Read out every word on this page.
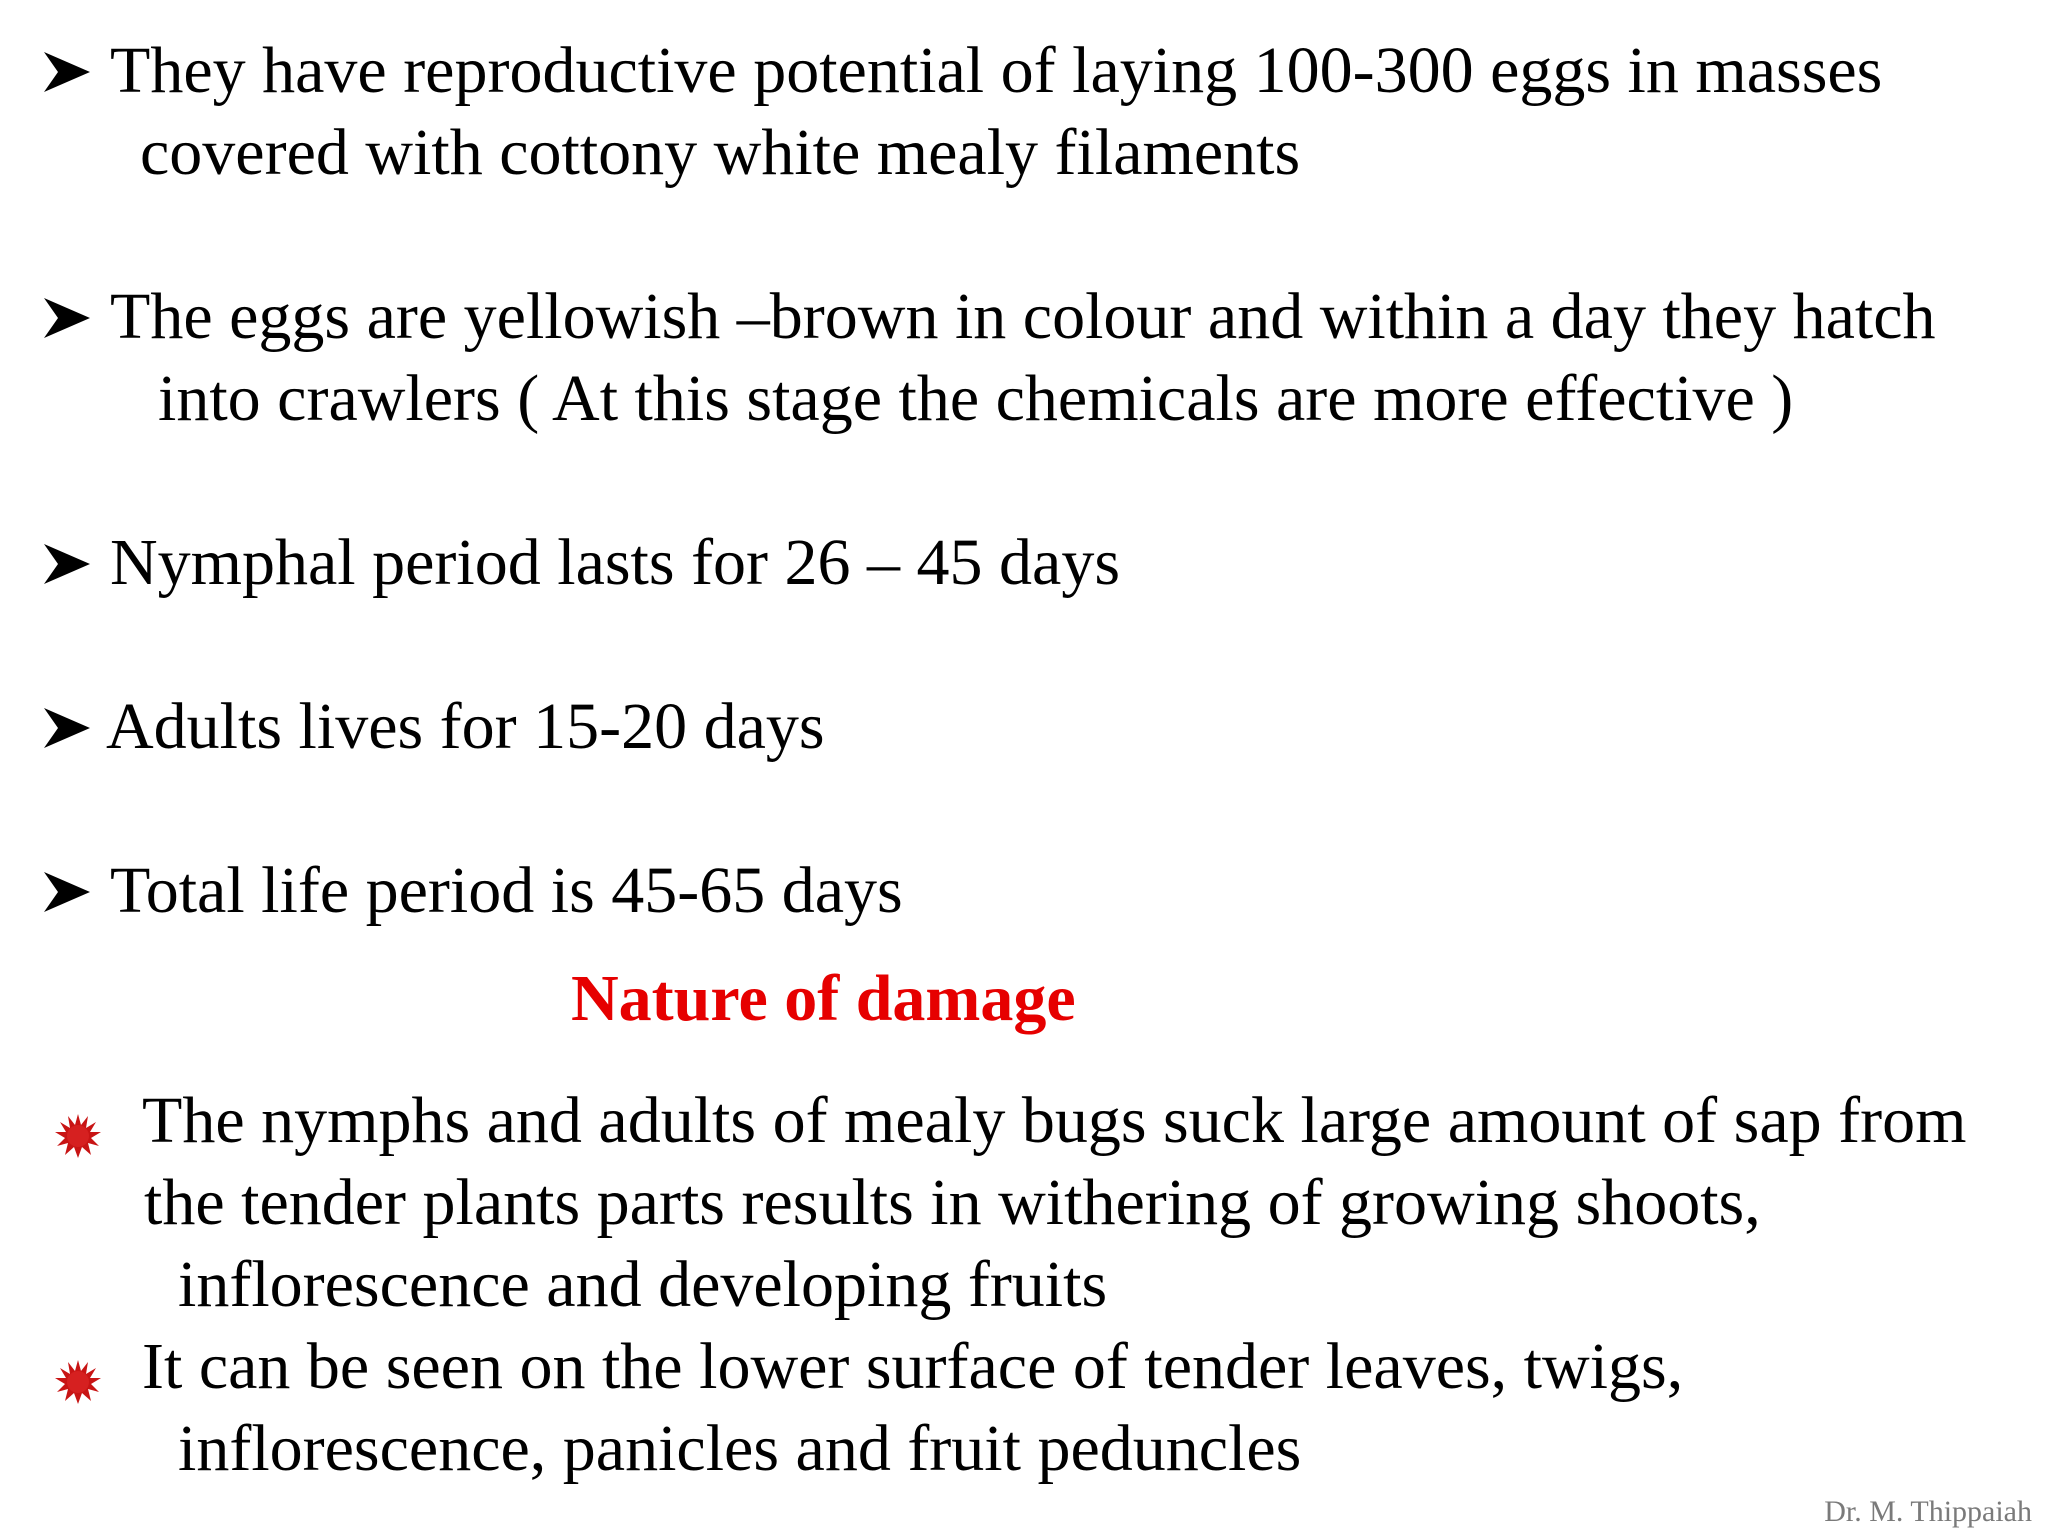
They have reproductive potential of laying 100-300 eggs in masses
covered with cottony white mealy filaments
The eggs are yellowish –brown in colour and within a day they hatch
into crawlers ( At this stage the chemicals are more effective )
Nymphal period lasts for 26 – 45 days
Adults lives for 15-20 days
Total life period is 45-65 days
Nature of damage
The nymphs and adults of mealy bugs suck large amount of sap from
the tender plants parts results in withering of growing shoots,
inflorescence and developing fruits
It can be seen on the lower surface of tender leaves, twigs,
inflorescence, panicles and fruit peduncles
Dr. M. Thippaiah
